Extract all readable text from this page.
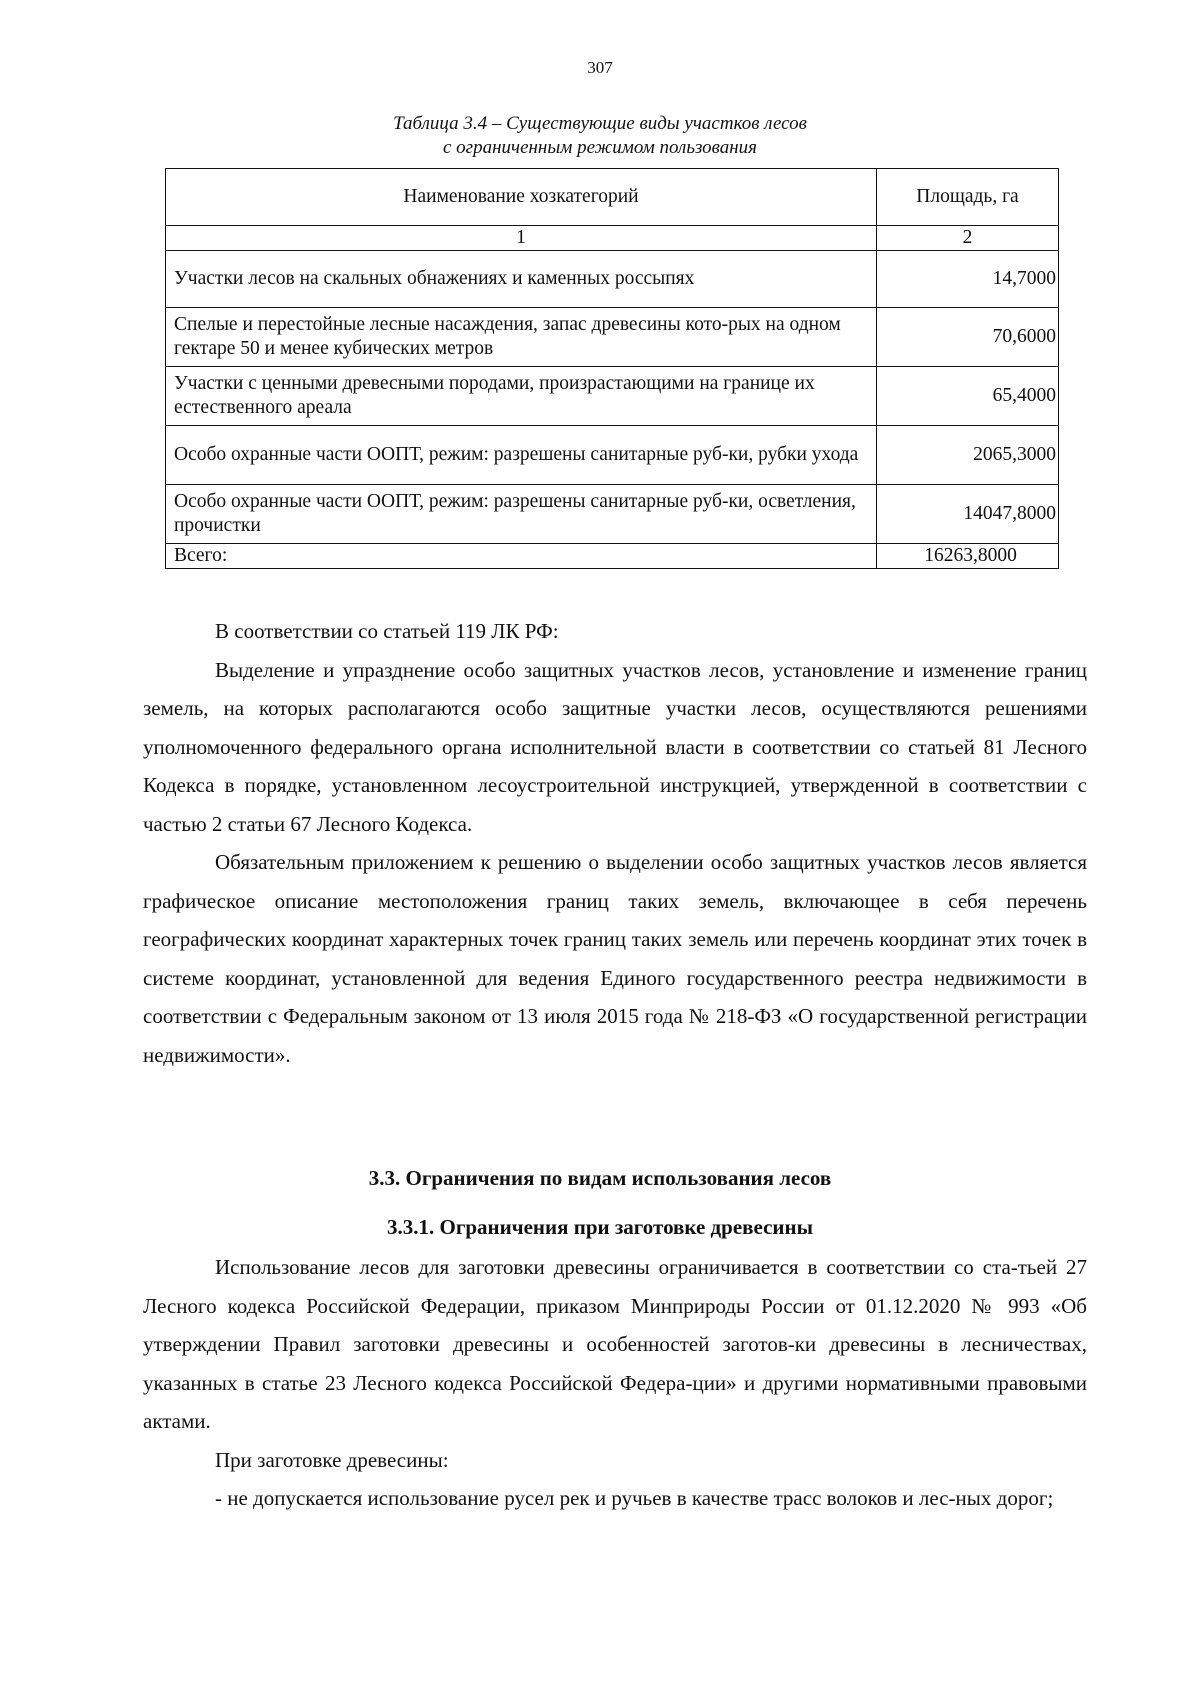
307
Таблица 3.4 – Существующие виды участков лесов
с ограниченным режимом пользования
Наименование хозкатегорий	Площадь, га
1	2
Участки лесов на скальных обнажениях и каменных россыпях	14,7000
Спелые и перестойные лесные насаждения, запас древесины кото-рых на одном гектаре 50 и менее кубических метров	70,6000
Участки с ценными древесными породами, произрастающими на границе их естественного ареала	65,4000
Особо охранные части ООПТ, режим: разрешены санитарные руб-ки, рубки ухода	2065,3000
Особо охранные части ООПТ, режим: разрешены санитарные руб-ки, осветления, прочистки	14047,8000
Всего:	16263,8000

В соответствии со статьей 119 ЛК РФ:

Выделение и упразднение особо защитных участков лесов, установление и изменение границ земель, на которых располагаются особо защитные участки лесов, осуществляются решениями уполномоченного федерального органа исполнительной власти в соответствии со статьей 81 Лесного Кодекса в порядке, установленном лесоустроительной инструкцией, утвержденной в соответствии с частью 2 статьи 67 Лесного Кодекса.

Обязательным приложением к решению о выделении особо защитных участков лесов является графическое описание местоположения границ таких земель, включающее в себя перечень географических координат характерных точек границ таких земель или перечень координат этих точек в системе координат, установленной для ведения Единого государственного реестра недвижимости в соответствии с Федеральным законом от 13 июля 2015 года № 218-ФЗ «О государственной регистрации недвижимости».

3.3. Ограничения по видам использования лесов
3.3.1. Ограничения при заготовке древесины

Использование лесов для заготовки древесины ограничивается в соответствии со ста-тьей 27 Лесного кодекса Российской Федерации, приказом Минприроды России от 01.12.2020 № 993 «Об утверждении Правил заготовки древесины и особенностей заготов-ки древесины в лесничествах, указанных в статье 23 Лесного кодекса Российской Федера-ции» и другими нормативными правовыми актами.

При заготовке древесины:

- не допускается использование русел рек и ручьев в качестве трасс волоков и лес-ных дорог;
